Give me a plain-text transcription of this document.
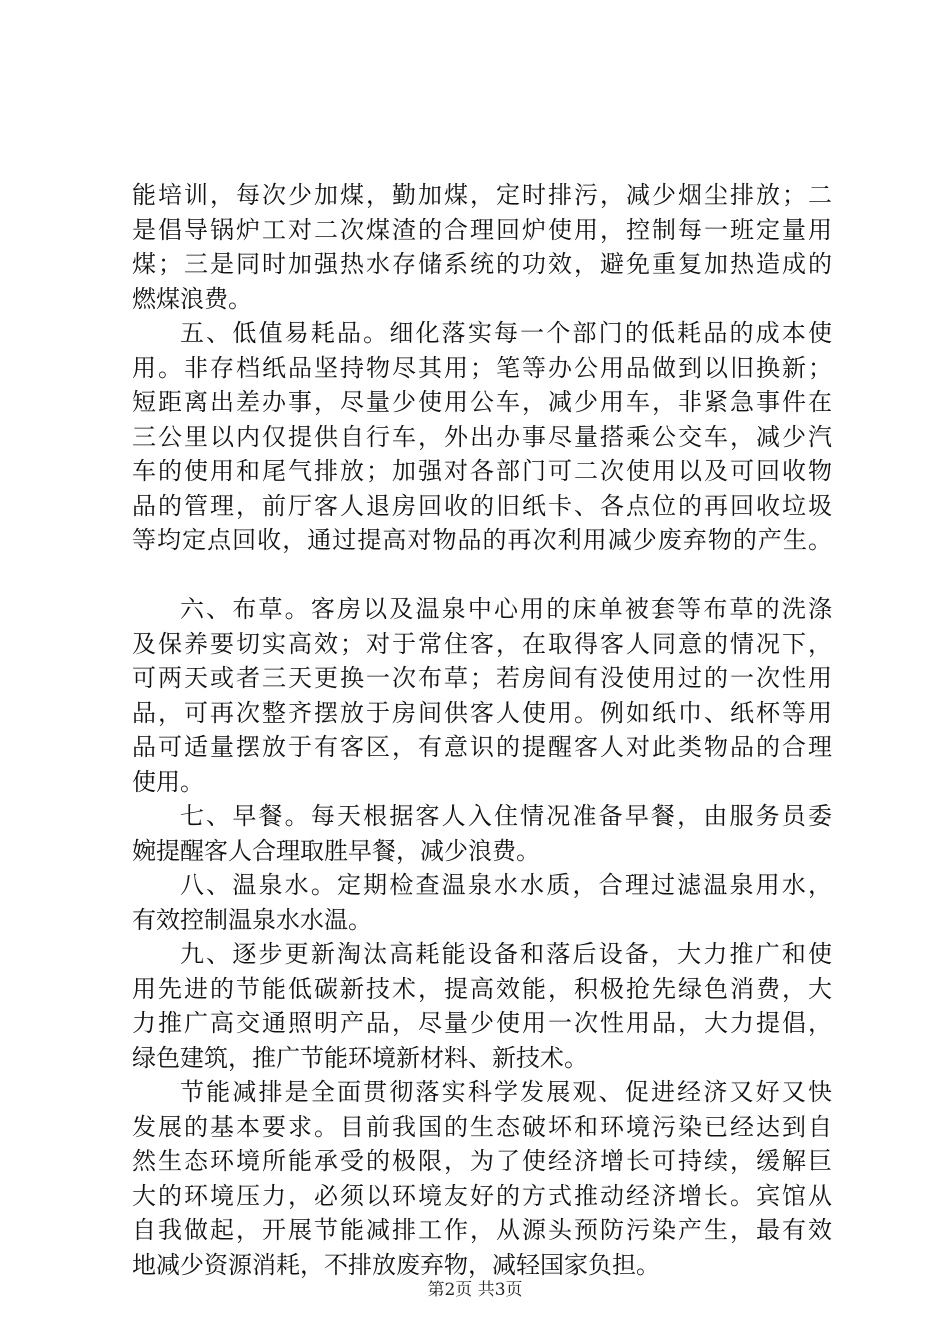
能培训，每次少加煤，勤加煤，定时排污，减少烟尘排放；二
是倡导锅炉工对二次煤渣的合理回炉使用，控制每一班定量用
煤；三是同时加强热水存储系统的功效，避免重复加热造成的
燃煤浪费。
五、低值易耗品。细化落实每一个部门的低耗品的成本使
用。非存档纸品坚持物尽其用；笔等办公用品做到以旧换新；
短距离出差办事，尽量少使用公车，减少用车，非紧急事件在
三公里以内仅提供自行车，外出办事尽量搭乘公交车，减少汽
车的使用和尾气排放；加强对各部门可二次使用以及可回收物
品的管理，前厅客人退房回收的旧纸卡、各点位的再回收垃圾
等均定点回收，通过提高对物品的再次利用减少废弃物的产生。
六、布草。客房以及温泉中心用的床单被套等布草的洗涤
及保养要切实高效；对于常住客，在取得客人同意的情况下，
可两天或者三天更换一次布草；若房间有没使用过的一次性用
品，可再次整齐摆放于房间供客人使用。例如纸巾、纸杯等用
品可适量摆放于有客区，有意识的提醒客人对此类物品的合理
使用。
七、早餐。每天根据客人入住情况准备早餐，由服务员委
婉提醒客人合理取胜早餐，减少浪费。
八、温泉水。定期检查温泉水水质，合理过滤温泉用水，
有效控制温泉水水温。
九、逐步更新淘汰高耗能设备和落后设备，大力推广和使
用先进的节能低碳新技术，提高效能，积极抢先绿色消费，大
力推广高交通照明产品，尽量少使用一次性用品，大力提倡，
绿色建筑，推广节能环境新材料、新技术。
节能减排是全面贯彻落实科学发展观、促进经济又好又快
发展的基本要求。目前我国的生态破坏和环境污染已经达到自
然生态环境所能承受的极限，为了使经济增长可持续，缓解巨
大的环境压力，必须以环境友好的方式推动经济增长。宾馆从
自我做起，开展节能减排工作，从源头预防污染产生，最有效
地减少资源消耗，不排放废弃物，减轻国家负担。
第2页 共3页
